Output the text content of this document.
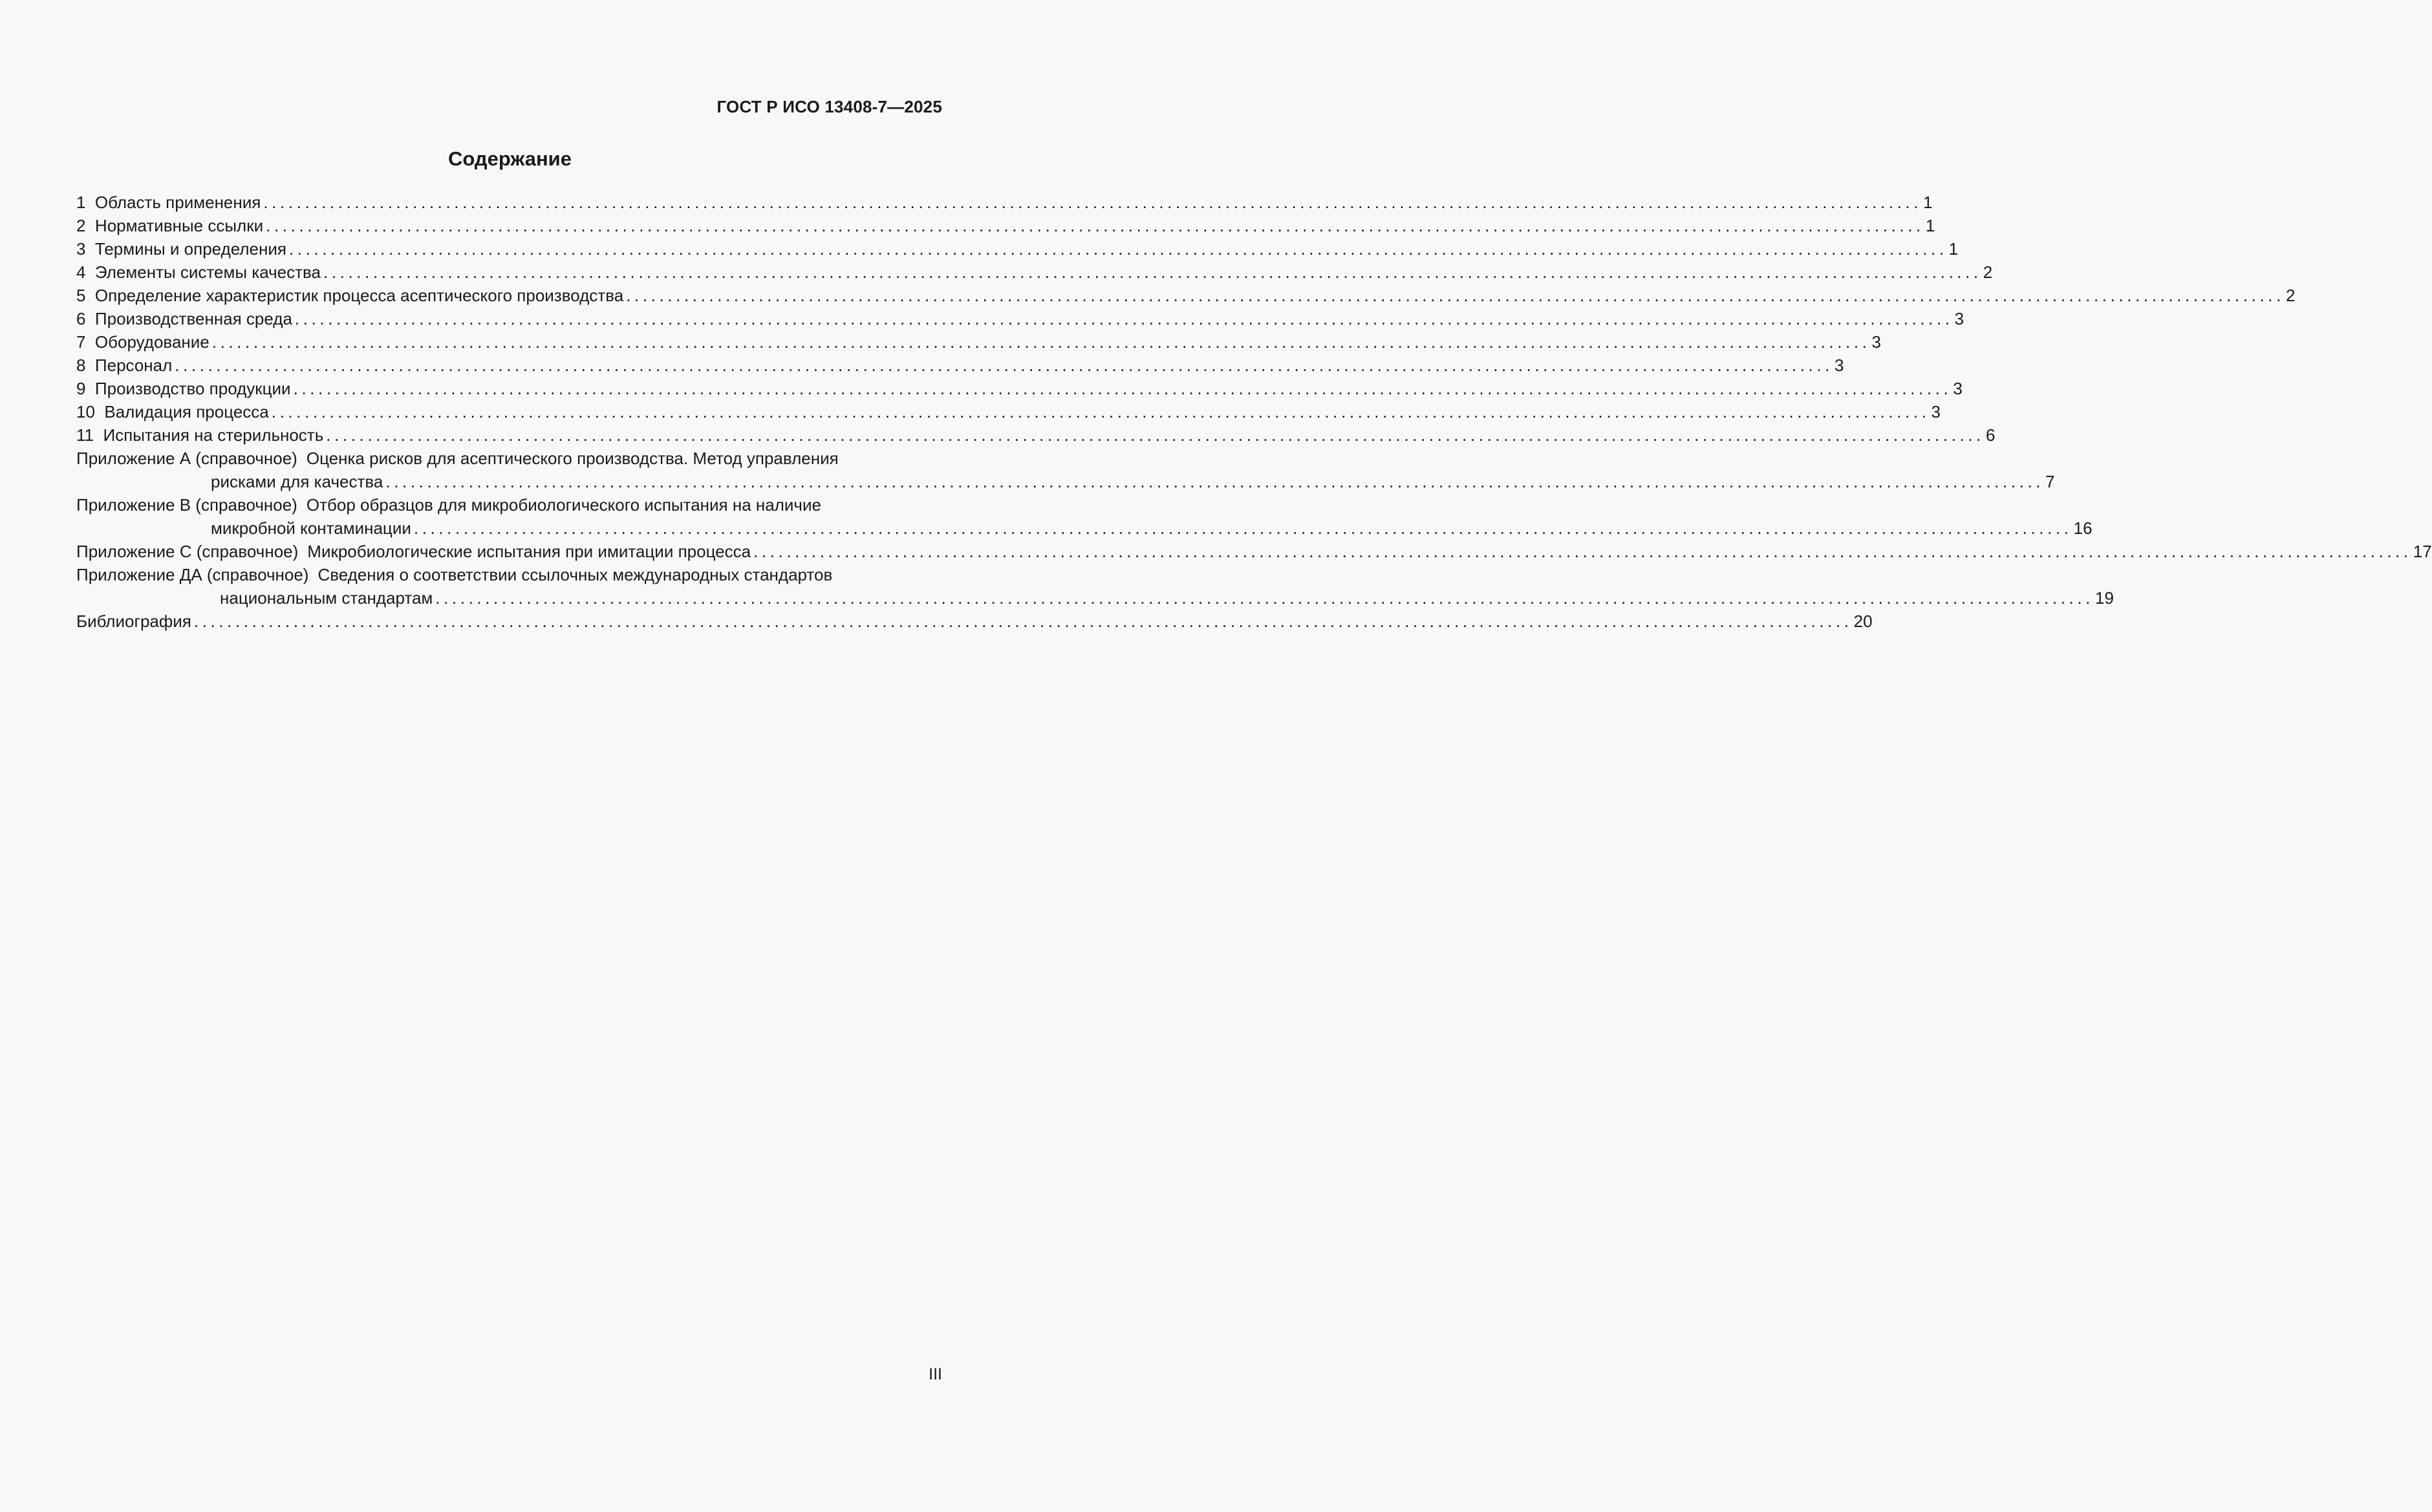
ГОСТ Р ИСО 13408-7—2025
Содержание
1
Область применения ........................................................................................................................................................................................................ 1
2
Нормативные ссылки ........................................................................................................................................................................................................ 1
3
Термины и определения ........................................................................................................................................................................................................ 1
4
Элементы системы качества ........................................................................................................................................................................................................ 2
5
Определение характеристик процесса асептического производства ........................................................................................................................................................................................................ 2
6
Производственная среда ........................................................................................................................................................................................................ 3
7
Оборудование ........................................................................................................................................................................................................ 3
8
Персонал ........................................................................................................................................................................................................ 3
9
Производство продукции ........................................................................................................................................................................................................ 3
10
Валидация процесса ........................................................................................................................................................................................................ 3
11
Испытания на стерильность ........................................................................................................................................................................................................ 6
Приложение А (справочное) Оценка рисков для асептического производства. Метод управления
рисками для качества ........................................................................................................................................................................................................ 7
Приложение В (справочное) Отбор образцов для микробиологического испытания на наличие
микробной контаминации ........................................................................................................................................................................................................ 16
Приложение С (справочное) Микробиологические испытания при имитации процесса ........................................................................................................................................................................................................ 17
Приложение ДА (справочное) Сведения о соответствии ссылочных международных стандартов
национальным стандартам ........................................................................................................................................................................................................ 19
Библиография ........................................................................................................................................................................................................ 20
III
